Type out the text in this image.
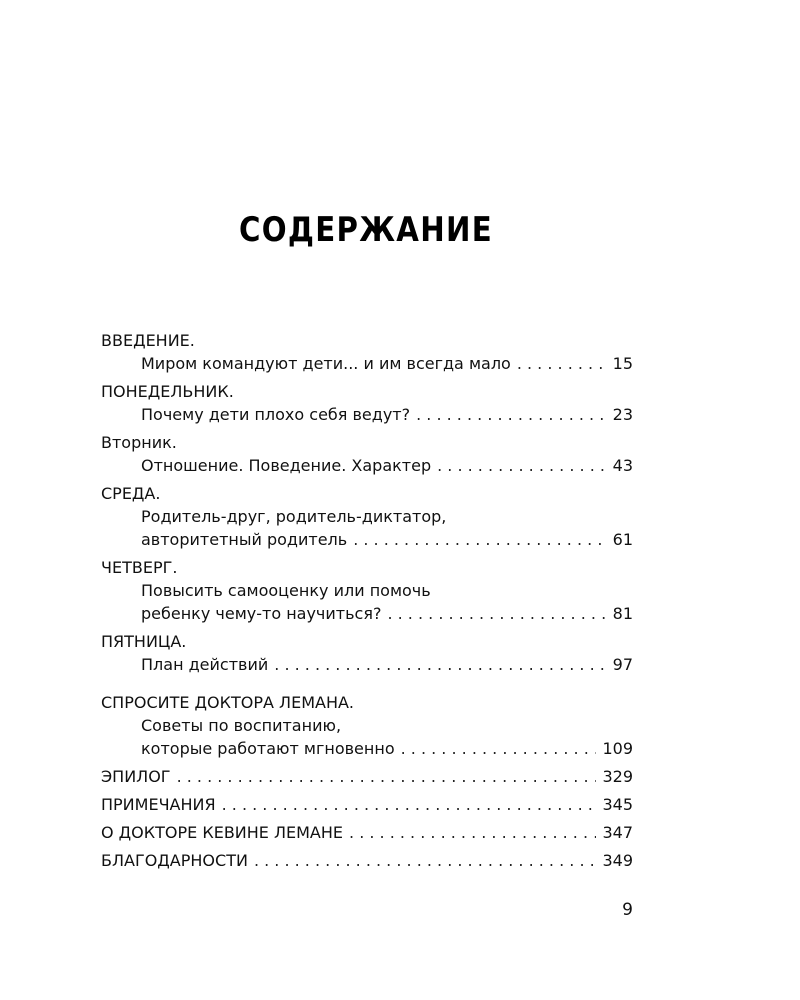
СОДЕРЖАНИЕ
ВВЕДЕНИЕ.
Миром командуют дети... и им всегда мало . . .	15
ПОНЕДЕЛЬНИК.
Почему дети плохо себя ведут? . . .	23
Вторник.
Отношение. Поведение. Характер . . .	43
СРЕДА.
Родитель-друг, родитель-диктатор,
авторитетный родитель . . .	61
ЧЕТВЕРГ.
Повысить самооценку или помочь
ребенку чему-то научиться? . . .	81
ПЯТНИЦА.
План действий . . .	97
СПРОСИТЕ ДОКТОРА ЛЕМАНА.
Советы по воспитанию,
которые работают мгновенно . . .	109
ЭПИЛОГ . . .	329
ПРИМЕЧАНИЯ . . .	345
О ДОКТОРЕ КЕВИНЕ ЛЕМАНЕ . . .	347
БЛАГОДАРНОСТИ . . .	349
9
